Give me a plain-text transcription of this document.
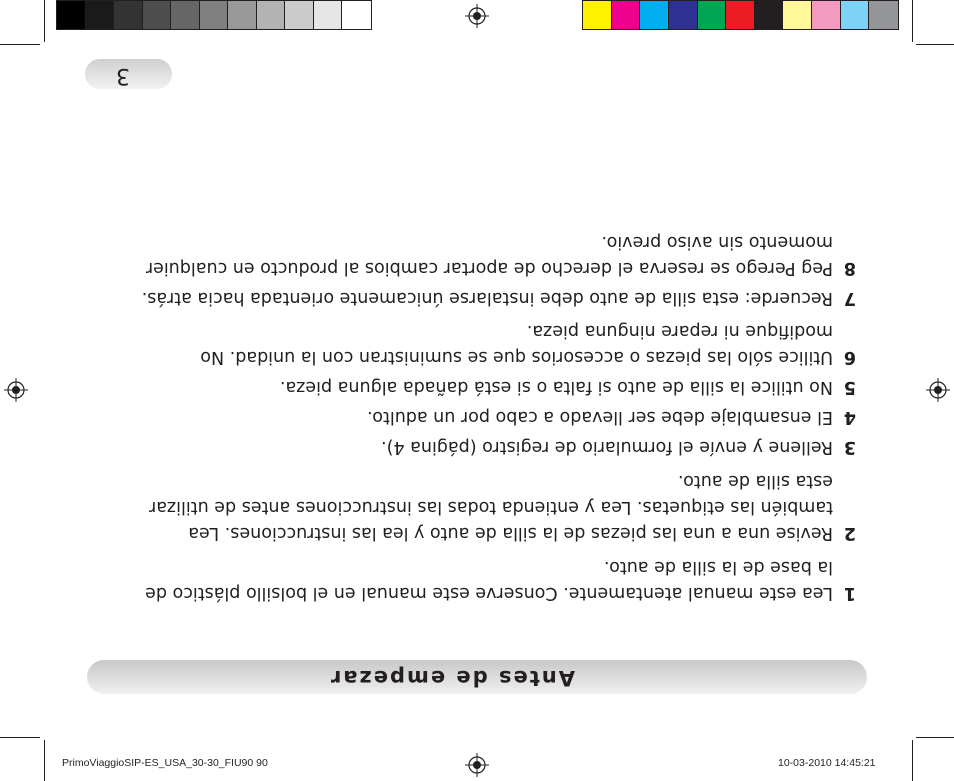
3
Antes de empezar
1
Lea este manual atentamente. Conserve este manual en el bolsillo plástico de
la base de la silla de auto.
2
Revise una a una las piezas de la silla de auto y lea las instrucciones. Lea
también las etiquetas. Lea y entienda todas las instrucciones antes de utilizar
esta silla de auto.
3
Rellene y envíe el formulario de registro (página 4).
4
El ensamblaje debe ser llevado a cabo por un adulto.
5
No utilice la silla de auto si falta o si está dañada alguna pieza.
6
Utilice sólo las piezas o accesorios que se suministran con la unidad. No
modifique ni repare ninguna pieza.
7
Recuerde: esta silla de auto debe instalarse únicamente orientada hacia atrás.
8
Peg Perego se reserva el derecho de aportar cambios al producto en cualquier
momento sin aviso previo.
PrimoViaggioSIP-ES_USA_30-30_FIU90 90	10-03-2010 14:45:21
